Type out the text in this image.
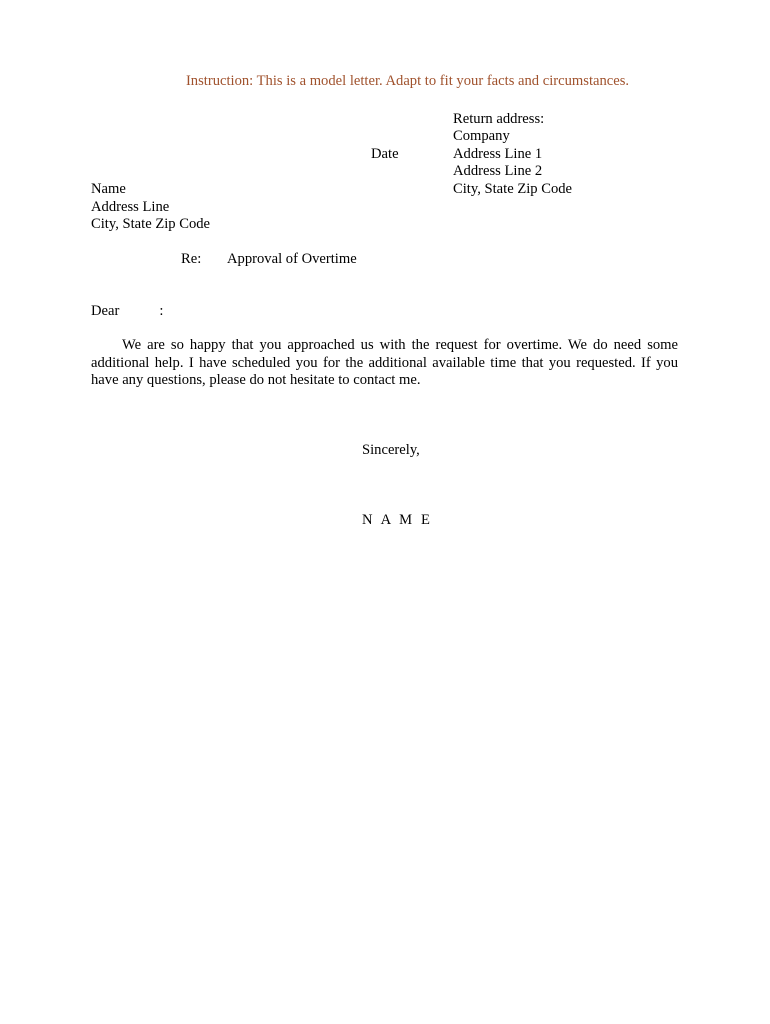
Instruction: This is a model letter. Adapt to fit your facts and circumstances.
Return address:
Company
Address Line 1
Address Line 2
City, State Zip Code
Date
Name
Address Line
City, State Zip Code
Re: Approval of Overtime
Dear	:
We are so happy that you approached us with the request for overtime. We do need some additional help. I have scheduled you for the additional available time that you requested. If you have any questions, please do not hesitate to contact me.
Sincerely,
N A M E
